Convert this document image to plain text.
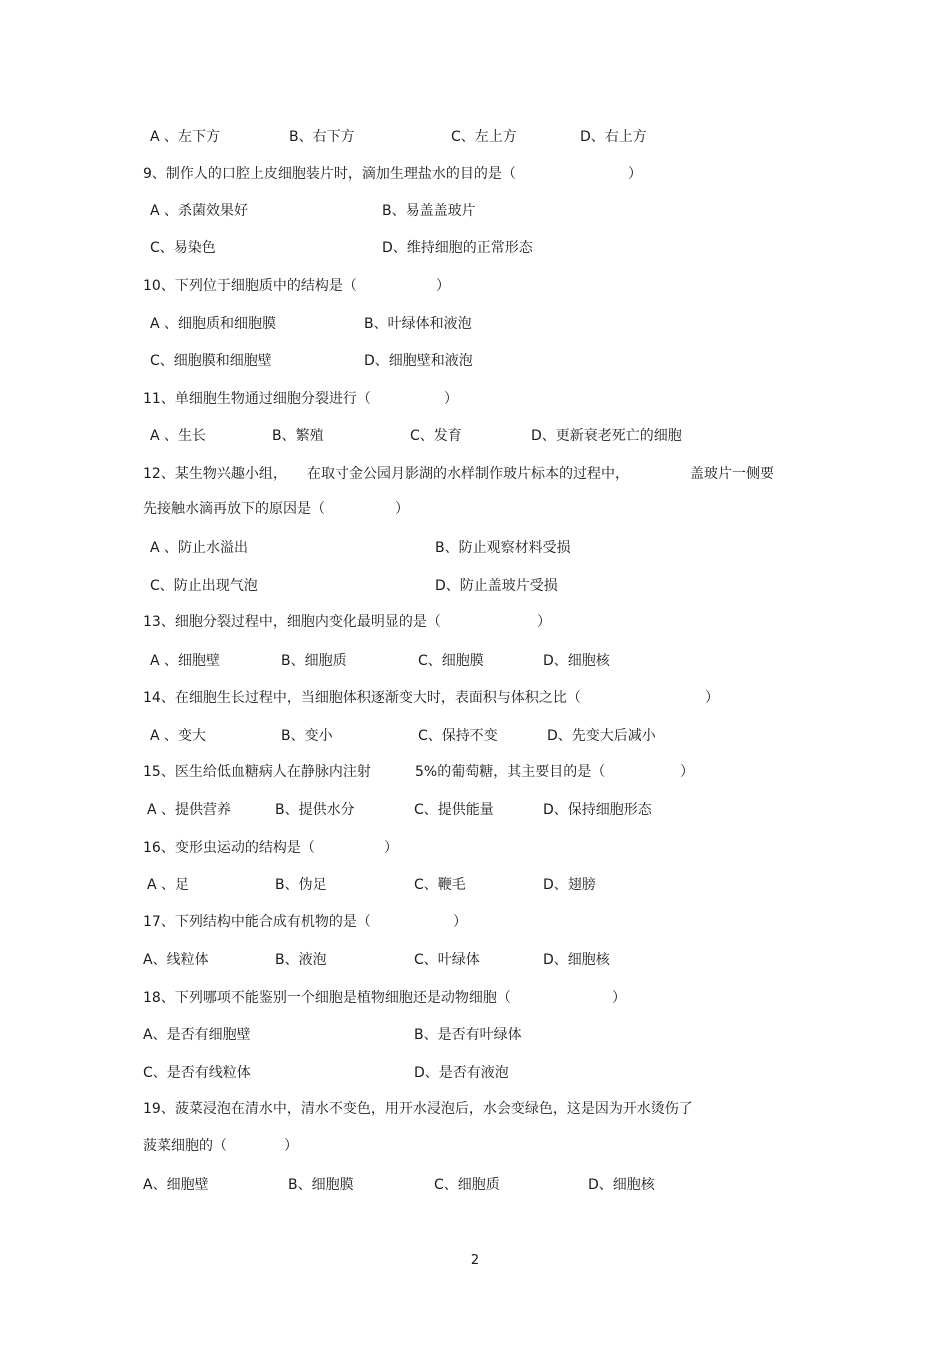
A 、左下方	B、右下方	C、左上方	D、右上方
9、制作人的口腔上皮细胞装片时，滴加生理盐水的目的是（	）
A 、杀菌效果好	B、易盖盖玻片
C、易染色	D、维持细胞的正常形态
10、下列位于细胞质中的结构是（	）
A 、细胞质和细胞膜	B、叶绿体和液泡
C、细胞膜和细胞壁	D、细胞壁和液泡
11、单细胞生物通过细胞分裂进行（	）
A 、生长	B、繁殖	C、发育	D、更新衰老死亡的细胞
12、某生物兴趣小组， 在取寸金公园月影湖的水样制作玻片标本的过程中，	盖玻片一侧要
先接触水滴再放下的原因是（	）
A 、防止水溢出	B、防止观察材料受损
C、防止出现气泡	D、防止盖玻片受损
13、细胞分裂过程中，细胞内变化最明显的是（	）
A 、细胞壁	B、细胞质	C、细胞膜	D、细胞核
14、在细胞生长过程中，当细胞体积逐渐变大时，表面积与体积之比（	）
A 、变大	B、变小	C、保持不变	D、先变大后减小
15、医生给低血糖病人在静脉内注射	5%的葡萄糖，其主要目的是（	）
A 、提供营养	B、提供水分	C、提供能量	D、保持细胞形态
16、变形虫运动的结构是（	）
A 、足	B、伪足	C、鞭毛	D、翅膀
17、下列结构中能合成有机物的是（	）
A、线粒体	B、液泡	C、叶绿体	D、细胞核
18、下列哪项不能鉴别一个细胞是植物细胞还是动物细胞（	）
A、是否有细胞壁	B、是否有叶绿体
C、是否有线粒体	D、是否有液泡
19、菠菜浸泡在清水中，清水不变色，用开水浸泡后，水会变绿色，这是因为开水烫伤了
菠菜细胞的（	）
A、细胞壁	B、细胞膜	C、细胞质	D、细胞核
2
